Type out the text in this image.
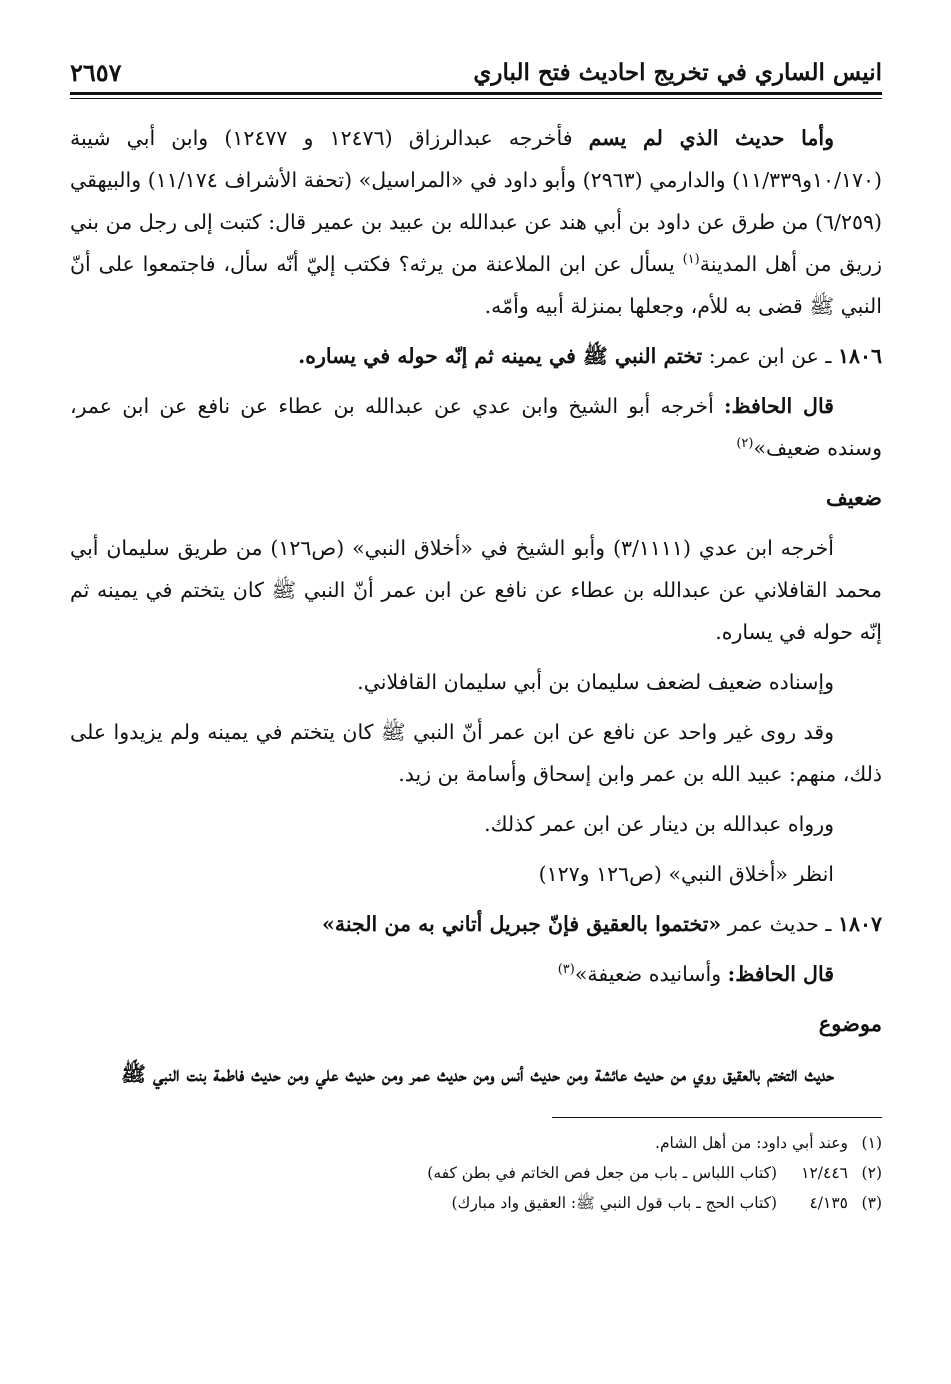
انيس الساري في تخريج احاديث فتح الباري
٢٦٥٧

وأما حديث الذي لم يسم فأخرجه عبدالرزاق (١٢٤٧٦ و ١٢٤٧٧) وابن أبي شيبة (١٠/١٧٠و١١/٣٣٩) والدارمي (٢٩٦٣) وأبو داود في «المراسيل» (تحفة الأشراف ١١/١٧٤) والبيهقي (٦/٢٥٩) من طرق عن داود بن أبي هند عن عبدالله بن عبيد بن عمير قال: كتبت إلى رجل من بني زريق من أهل المدينة$^{(١)}$ يسأل عن ابن الملاعنة من يرثه؟ فكتب إليّ أنّه سأل، فاجتمعوا على أنّ النبي ﷺ قضى به للأم، وجعلها بمنزلة أبيه وأمّه.

١٨٠٦ ـ عن ابن عمر: تختم النبي ﷺ في يمينه ثم إنّه حوله في يساره.

قال الحافظ: أخرجه أبو الشيخ وابن عدي عن عبدالله بن عطاء عن نافع عن ابن عمر، وسنده ضعيف»$^{(٢)}$

ضعيف

أخرجه ابن عدي (٣/١١١١) وأبو الشيخ في «أخلاق النبي» (ص١٢٦) من طريق سليمان أبي محمد القافلاني عن عبدالله بن عطاء عن نافع عن ابن عمر أنّ النبي ﷺ كان يتختم في يمينه ثم إنّه حوله في يساره.

وإسناده ضعيف لضعف سليمان بن أبي سليمان القافلاني.

وقد روى غير واحد عن نافع عن ابن عمر أنّ النبي ﷺ كان يتختم في يمينه ولم يزيدوا على ذلك، منهم: عبيد الله بن عمر وابن إسحاق وأسامة بن زيد.

ورواه عبدالله بن دينار عن ابن عمر كذلك.

انظر «أخلاق النبي» (ص١٢٦ و١٢٧)

١٨٠٧ ـ حديث عمر «تختموا بالعقيق فإنّ جبريل أتاني به من الجنة»

قال الحافظ: وأسانيده ضعيفة»$^{(٣)}$

موضوع

حديث التختم بالعقيق روي من حديث عائشة ومن حديث أنس ومن حديث عمر ومن حديث علي ومن حديث فاطمة بنت النبي ﷺ

(١)وعند أبي داود: من أهل الشام.
(٢)١٢/٤٤٦ (كتاب اللباس ـ باب من جعل فص الخاتم في بطن كفه)
(٣)٤/١٣٥ (كتاب الحج ـ باب قول النبي ﷺ: العقيق واد مبارك)
